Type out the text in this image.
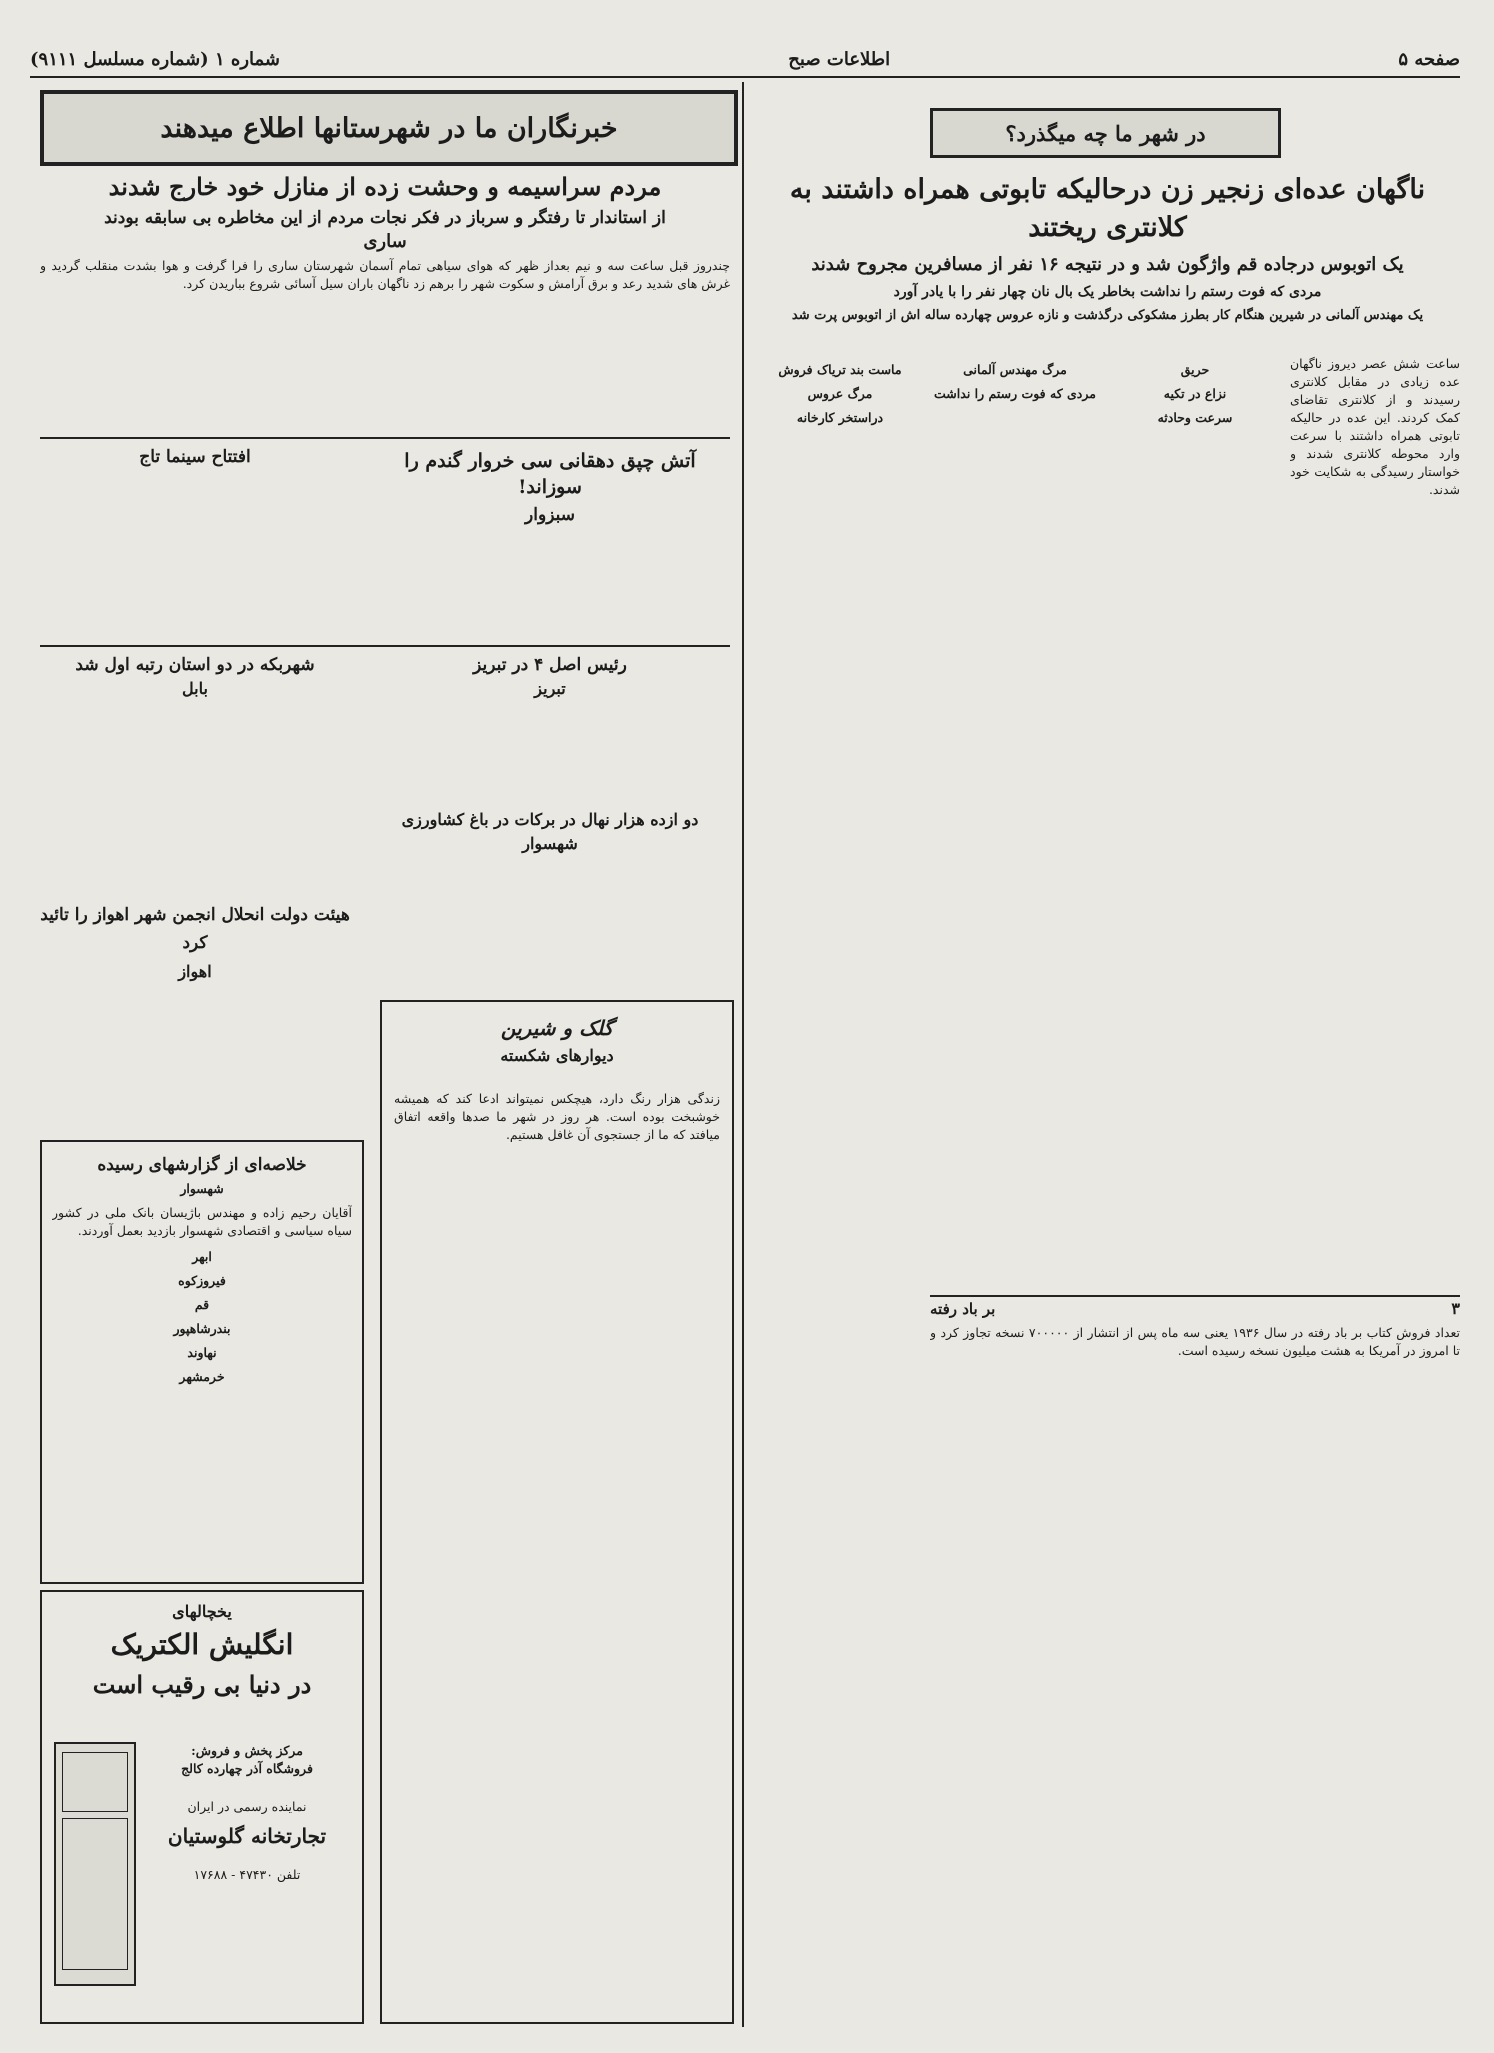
صفحه ۵
اطلاعات صبح
شماره ۱ (شماره مسلسل ۹۱۱۱)
در شهر ما چه میگذرد؟
خبرنگاران ما در شهرستانها اطلاع میدهند
ناگهان عده‌ای زنجیر زن درحالیکه تابوتی همراه داشتند به کلانتری ریختند
یک اتوبوس درجاده قم واژگون شد و در نتیجه ۱۶ نفر از مسافرین مجروح شدند
مردی که فوت رستم را نداشت بخاطر یک بال نان چهار نفر را با یادر آورد
یک مهندس آلمانی در شیرین هنگام کار بطرز مشکوکی درگذشت و نازه عروس چهارده ساله اش از اتوبوس پرت شد

ساعت شش عصر دیروز ناگهان عده زیادی در مقابل کلانتری رسیدند و از کلانتری تقاضای کمک کردند. این عده در حالیکه تابوتی همراه داشتند با سرعت وارد محوطه کلانتری شدند و خواستار رسیدگی به شکایت خود شدند.

حریق
نزاع در تکیه
سرعت وحادثه
مرگ مهندس آلمانی
مردی که فوت رستم را نداشت
ماست بند تریاک فروش
مرگ عروس
دراستخر کارخانه
۳
بر باد رفته

تعداد فروش کتاب بر باد رفته در سال ۱۹۳۶ یعنی سه ماه پس از انتشار از ۷۰۰۰۰۰ نسخه تجاوز کرد و تا امروز در آمریکا به هشت میلیون نسخه رسیده است.

مردم سراسیمه و وحشت زده از منازل خود خارج شدند
از استاندار تا رفتگر و سرباز در فکر نجات مردم از این مخاطره بی سابقه بودند
ساری

چندروز قبل ساعت سه و نیم بعداز ظهر که هوای سیاهی تمام آسمان شهرستان ساری را فرا گرفت و هوا بشدت منقلب گردید و غرش های شدید رعد و برق آرامش و سکوت شهر را برهم زد ناگهان باران سیل آسائی شروع بباریدن کرد.

آتش چپق دهقانی سی خروار گندم را سوزاند!
سبزوار
افتتاح سینما تاج
رئیس اصل ۴ در تبریز
تبریز
دو ازده هزار نهال در برکات در باغ کشاورزی
شهسوار
شهربکه در دو استان رتبه اول شد
بابل
هیئت دولت انحلال انجمن شهر اهواز را تائید کرد
اهواز
خلاصه‌ای از گزارشهای رسیده
شهسوار

آقایان رحیم زاده و مهندس باژیسان بانک ملی در کشور سیاه سیاسی و اقتصادی شهسوار بازدید بعمل آوردند.

ابهر
فیروزکوه
قم
بندرشاهپور
نهاوند
خرمشهر
یخچالهای
انگلیش الکتریک
در دنیا بی رقیب است
مرکز پخش و فروش:
فروشگاه آذر چهارده کالج
نماینده رسمی در ایران
تجارتخانه گلوستیان
تلفن ۴۷۴۳۰ - ۱۷۶۸۸
گلک و شیرین
دیوارهای شکسته

زندگی هزار رنگ دارد، هیچکس نمیتواند ادعا کند که همیشه خوشبخت بوده است. هر روز در شهر ما صدها واقعه اتفاق میافتد که ما از جستجوی آن غافل هستیم.
